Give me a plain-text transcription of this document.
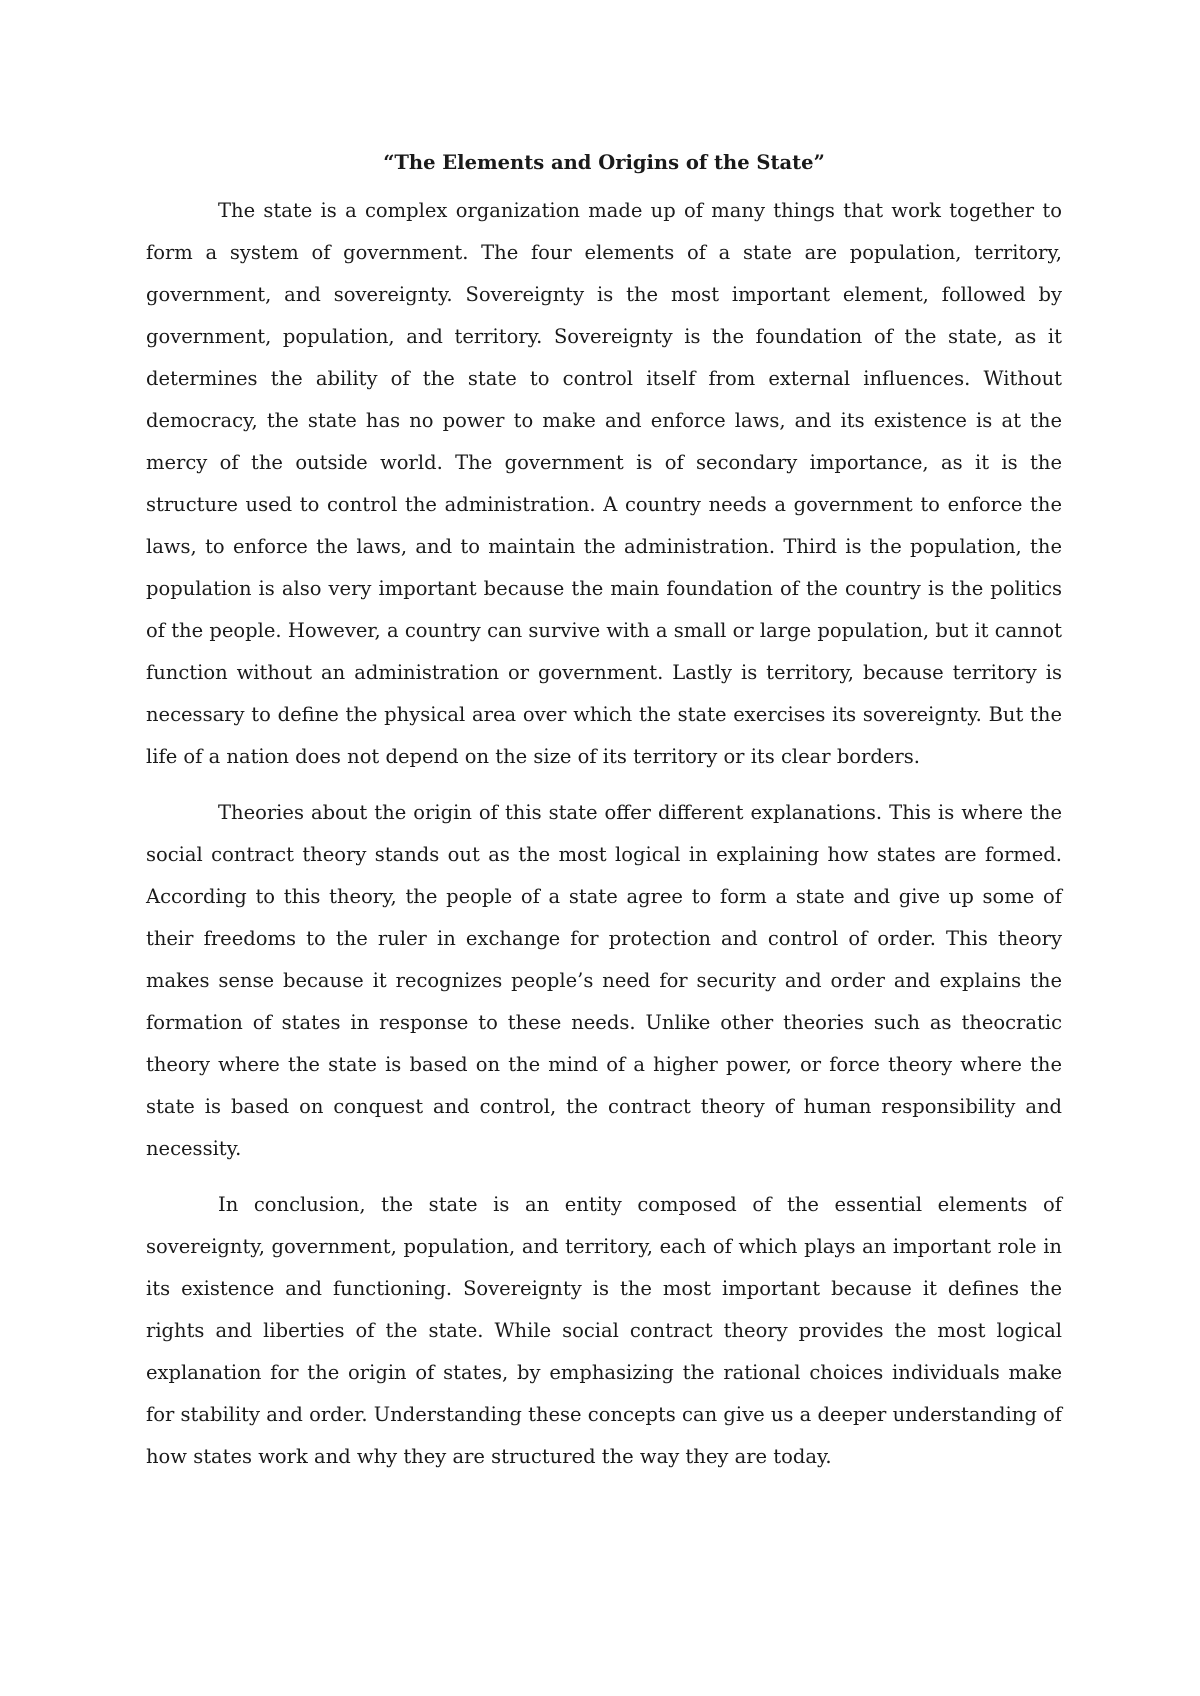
“The Elements and Origins of the State”

The state is a complex organization made up of many things that work together to form a system of government. The four elements of a state are population, territory, government, and sovereignty. Sovereignty is the most important element, followed by government, population, and territory. Sovereignty is the foundation of the state, as it determines the ability of the state to control itself from external influences. Without democracy, the state has no power to make and enforce laws, and its existence is at the mercy of the outside world. The government is of secondary importance, as it is the structure used to control the administration. A country needs a government to enforce the laws, to enforce the laws, and to maintain the administration. Third is the population, the population is also very important because the main foundation of the country is the politics of the people. However, a country can survive with a small or large population, but it cannot function without an administration or government. Lastly is territory, because territory is necessary to define the physical area over which the state exercises its sovereignty. But the life of a nation does not depend on the size of its territory or its clear borders.

Theories about the origin of this state offer different explanations. This is where the social contract theory stands out as the most logical in explaining how states are formed. According to this theory, the people of a state agree to form a state and give up some of their freedoms to the ruler in exchange for protection and control of order. This theory makes sense because it recognizes people’s need for security and order and explains the formation of states in response to these needs. Unlike other theories such as theocratic theory where the state is based on the mind of a higher power, or force theory where the state is based on conquest and control, the contract theory of human responsibility and necessity.

In conclusion, the state is an entity composed of the essential elements of sovereignty, government, population, and territory, each of which plays an important role in its existence and functioning. Sovereignty is the most important because it defines the rights and liberties of the state. While social contract theory provides the most logical explanation for the origin of states, by emphasizing the rational choices individuals make for stability and order. Understanding these concepts can give us a deeper understanding of how states work and why they are structured the way they are today.
